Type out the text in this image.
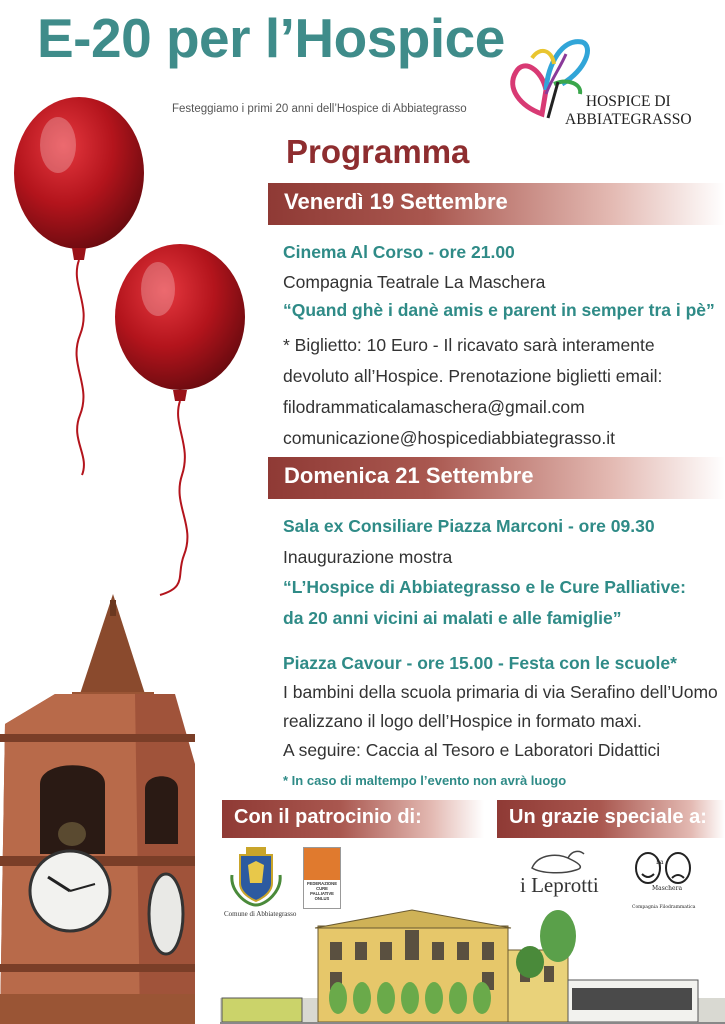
E-20 per l’Hospice
Festeggiamo i primi 20 anni dell’Hospice di Abbiategrasso	HOSPICE DI
ABBIATEGRASSO
Programma
Venerdì 19 Settembre
Cinema Al Corso - ore 21.00
Compagnia Teatrale La Maschera
“Quand ghè i danè amis e parent in semper tra i pè”
* Biglietto: 10 Euro - Il ricavato sarà interamente
devoluto all’Hospice. Prenotazione biglietti email:
filodrammaticalamaschera@gmail.com
comunicazione@hospicediabbiategrasso.it
Domenica 21 Settembre
Sala ex Consiliare Piazza Marconi - ore 09.30
Inaugurazione mostra
“L’Hospice di Abbiategrasso e le Cure Palliative:
da 20 anni vicini ai malati e alle famiglie”
Piazza Cavour - ore 15.00 - Festa con le scuole*
I bambini della scuola primaria di via Serafino dell’Uomo
realizzano il logo dell’Hospice in formato maxi.
A seguire: Caccia al Tesoro e Laboratori Didattici
* In caso di maltempo l’evento non avrà luogo
Con il patrocinio di:	Un grazie speciale a:
Comune di Abbiategrasso
FEDERAZIONE
CURE
PALLIATIVE
ONLUS
i Leprotti
La
Maschera
Compagnia Filodrammatica
